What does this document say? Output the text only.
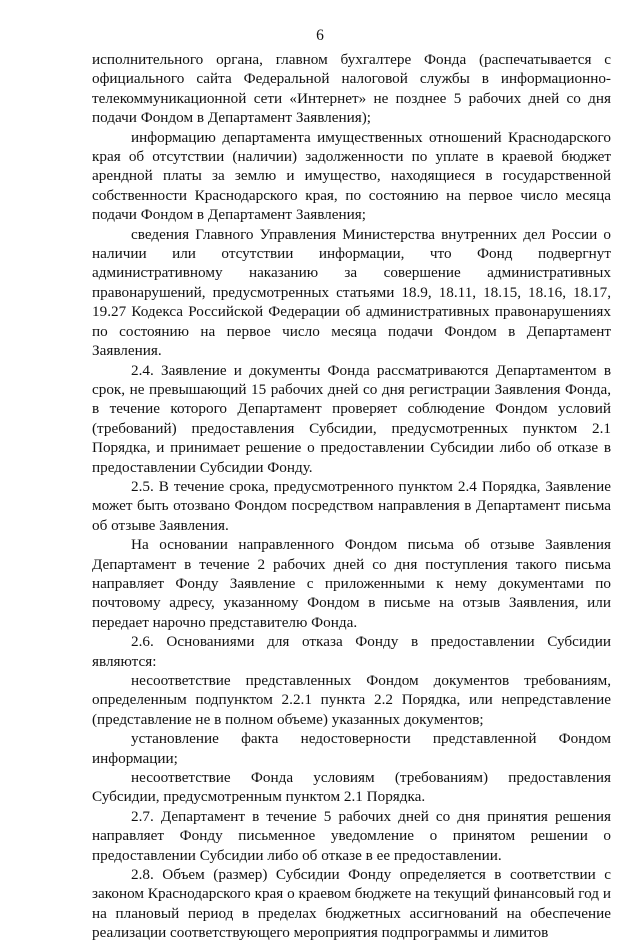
6

исполнительного органа, главном бухгалтере Фонда (распечатывается с официального сайта Федеральной налоговой службы в информационно-телекоммуникационной сети «Интернет» не позднее 5 рабочих дней со дня подачи Фондом в Департамент Заявления);

информацию департамента имущественных отношений Краснодарского края об отсутствии (наличии) задолженности по уплате в краевой бюджет арендной платы за землю и имущество, находящиеся в государственной собственности Краснодарского края, по состоянию на первое число месяца подачи Фондом в Департамент Заявления;

сведения Главного Управления Министерства внутренних дел России о наличии или отсутствии информации, что Фонд подвергнут административному наказанию за совершение административных правонарушений, предусмотренных статьями 18.9, 18.11, 18.15, 18.16, 18.17, 19.27 Кодекса Российской Федерации об административных правонарушениях по состоянию на первое число месяца подачи Фондом в Департамент Заявления.

2.4. Заявление и документы Фонда рассматриваются Департаментом в срок, не превышающий 15 рабочих дней со дня регистрации Заявления Фонда, в течение которого Департамент проверяет соблюдение Фондом условий (требований) предоставления Субсидии, предусмотренных пунктом 2.1 Порядка, и принимает решение о предоставлении Субсидии либо об отказе в предоставлении Субсидии Фонду.

2.5. В течение срока, предусмотренного пунктом 2.4 Порядка, Заявление может быть отозвано Фондом посредством направления в Департамент письма об отзыве Заявления.

На основании направленного Фондом письма об отзыве Заявления Департамент в течение 2 рабочих дней со дня поступления такого письма направляет Фонду Заявление с приложенными к нему документами по почтовому адресу, указанному Фондом в письме на отзыв Заявления, или передает нарочно представителю Фонда.

2.6. Основаниями для отказа Фонду в предоставлении Субсидии являются:

несоответствие представленных Фондом документов требованиям, определенным подпунктом 2.2.1 пункта 2.2 Порядка, или непредставление (представление не в полном объеме) указанных документов;

установление факта недостоверности представленной Фондом информации;

несоответствие Фонда условиям (требованиям) предоставления Субсидии, предусмотренным пунктом 2.1 Порядка.

2.7. Департамент в течение 5 рабочих дней со дня принятия решения направляет Фонду письменное уведомление о принятом решении о предоставлении Субсидии либо об отказе в ее предоставлении.

2.8. Объем (размер) Субсидии Фонду определяется в соответствии с законом Краснодарского края о краевом бюджете на текущий финансовый год и на плановый период в пределах бюджетных ассигнований на обеспечение реализации соответствующего мероприятия подпрограммы и лимитов
